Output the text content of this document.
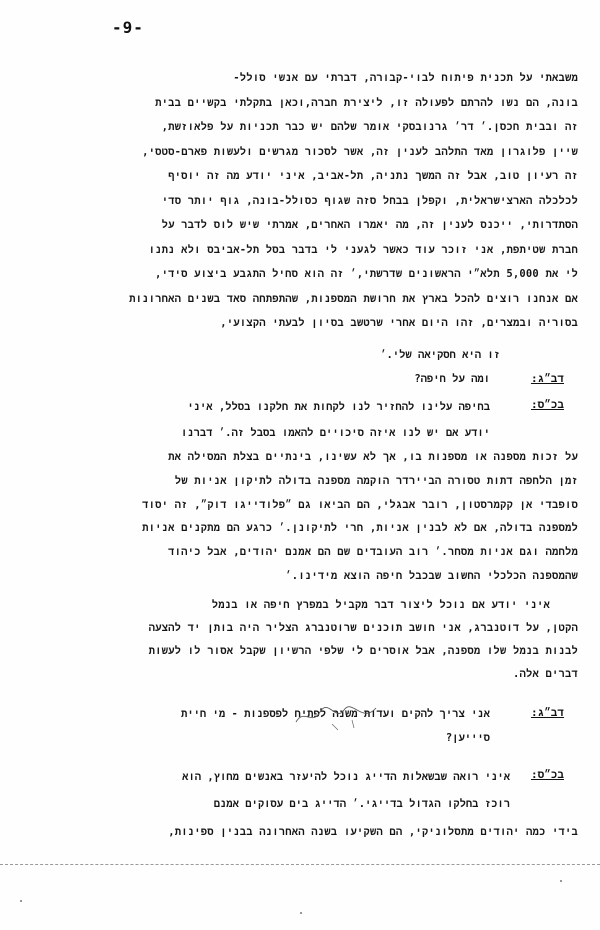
-9-
משבאתי על תכנית פיתוח לבוי-קבורה, דברתי עם אנשי סולל-
בונה, הם נשו להרתם לפעולה זו, ליצירת חברה,וכאן בתקלתי בקשיים בבית
זה ובבית חכסן.׳ דר׳ גרנובסקי אומר שלהם יש כבר תכניות על פלאוזשת,
שיין פלוגרון מאד התלהב לענין זה, אשר לסכור מגרשים ולעשות פארם-סטסי,
זה רעיון טוב, אבל זה המשך נתניה, תל-אביב, איני יודע מה זה יוסיף
לכלכלה הארצישראלית, וקפלן בבחל סזה שגוף כסולל-בונה, גוף יותר סדי
הסתדרותי, ייכנס לענין זה, מה יאמרו האחרים, אמרתי שיש לוס לדבר על
חברת שטיתפת, אני זוכר עוד כאשר לגעני לי בדבר בסל תל-אביבס ולא נתנו
לי את 5,000 תלא״י הראשונים שדרשתי,׳ זה הוא סחיל התגבע ביצוע סידי,
אם אנחנו רוצים להכל בארץ את חרושת המספנות, שהתפתחה סאד בשנים האחרונות
בסוריה ובמצרים, זהו היום אחרי שרטשב בסיון לבעתי הקצועי,
זו היא חסקיאה שלי.׳
דב״ג:
ומה על חיפה?
בכ״ס:
בחיפה עלינו להחזיר לנו לקחות את חלקנו בסלל, איני
יודע אם יש לנו איזה סיכויים להאמו בסבל זה.׳ דברנו
על זכות מספנה או מספנות בו, אך לא עשינו, בינתיים בצלת המסילה את
זמן הלחפה דתות טסורה הביירדר הוקמה מספנה בדולה לתיקון אניות של
סופבדי אן קקמרסטון, רובר אבגלי, הם הביאו גם ״פלודייגו דוק״, זה יסוד
למספנה בדולה, אם לא לבנין אניות, חרי לתיקונן.׳ כרגע הם מתקנים אניות
מלחמה וגם אניות מסחר.׳ רוב העובדים שם הם אמנם יהודים, אבל כיהוד
שהמספנה הכלכלי החשוב שבכבל חיפה הוצא מידינו.׳
איני יודע אם נוכל ליצור דבר מקביל במפרץ חיפה או בנמל
הקטן, על דוטנברג, אני חושב תוכנים שרוטנברג הצליר היה בותן יד להצעה
לבנות בנמל שלו מספנה, אבל אוסרים לי שלפי הרשיון שקבל אסור לו לעשות
דברים אלה.
דב״ג:
אני צריך להקים ועדות משנה לפתיח לפספנות - מי חיית
סיייען?
בכ״ס:
איני רואה שבשאלות הדייג נוכל להיעזר באנשים מחוץ, הוא
רוכז בחלקו הגדול בדייגי.׳ הדייג בים עסוקים אמנם
בידי כמה יהודים מתסלוניקי, הם השקיעו בשנה האחרונה בבנין ספינות,
